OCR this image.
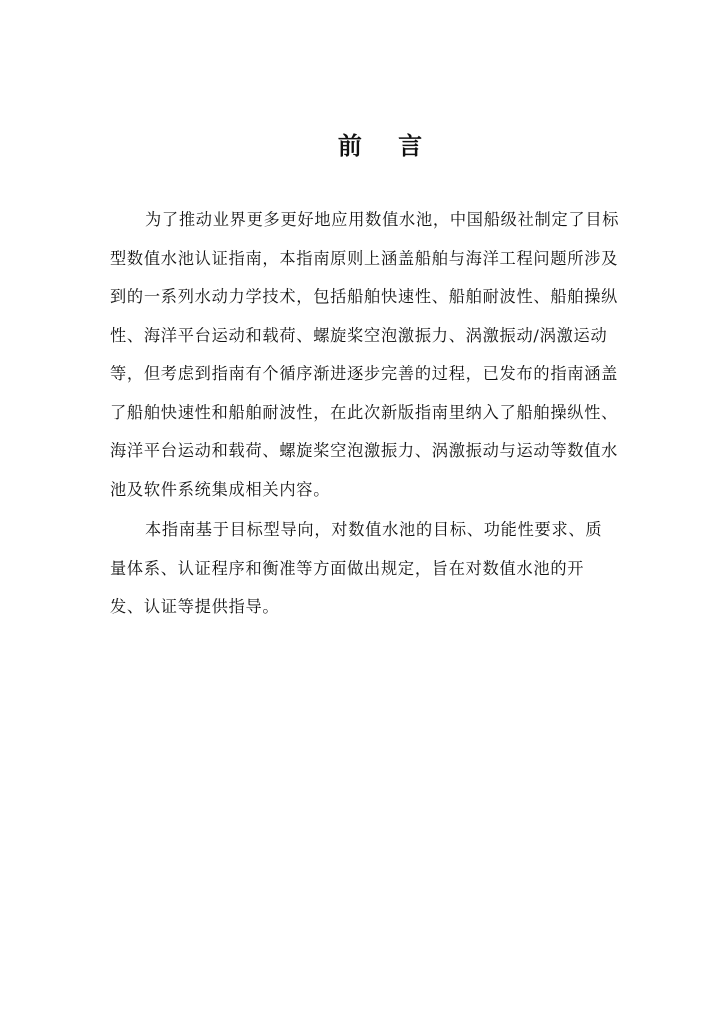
前 言
为了推动业界更多更好地应用数值水池，中国船级社制定了目标
型数值水池认证指南，本指南原则上涵盖船舶与海洋工程问题所涉及
到的一系列水动力学技术，包括船舶快速性、船舶耐波性、船舶操纵
性、海洋平台运动和载荷、螺旋桨空泡激振力、涡激振动/涡激运动
等，但考虑到指南有个循序渐进逐步完善的过程，已发布的指南涵盖
了船舶快速性和船舶耐波性，在此次新版指南里纳入了船舶操纵性、
海洋平台运动和载荷、螺旋桨空泡激振力、涡激振动与运动等数值水
池及软件系统集成相关内容。
本指南基于目标型导向，对数值水池的目标、功能性要求、质
量体系、认证程序和衡准等方面做出规定，旨在对数值水池的开
发、认证等提供指导。
